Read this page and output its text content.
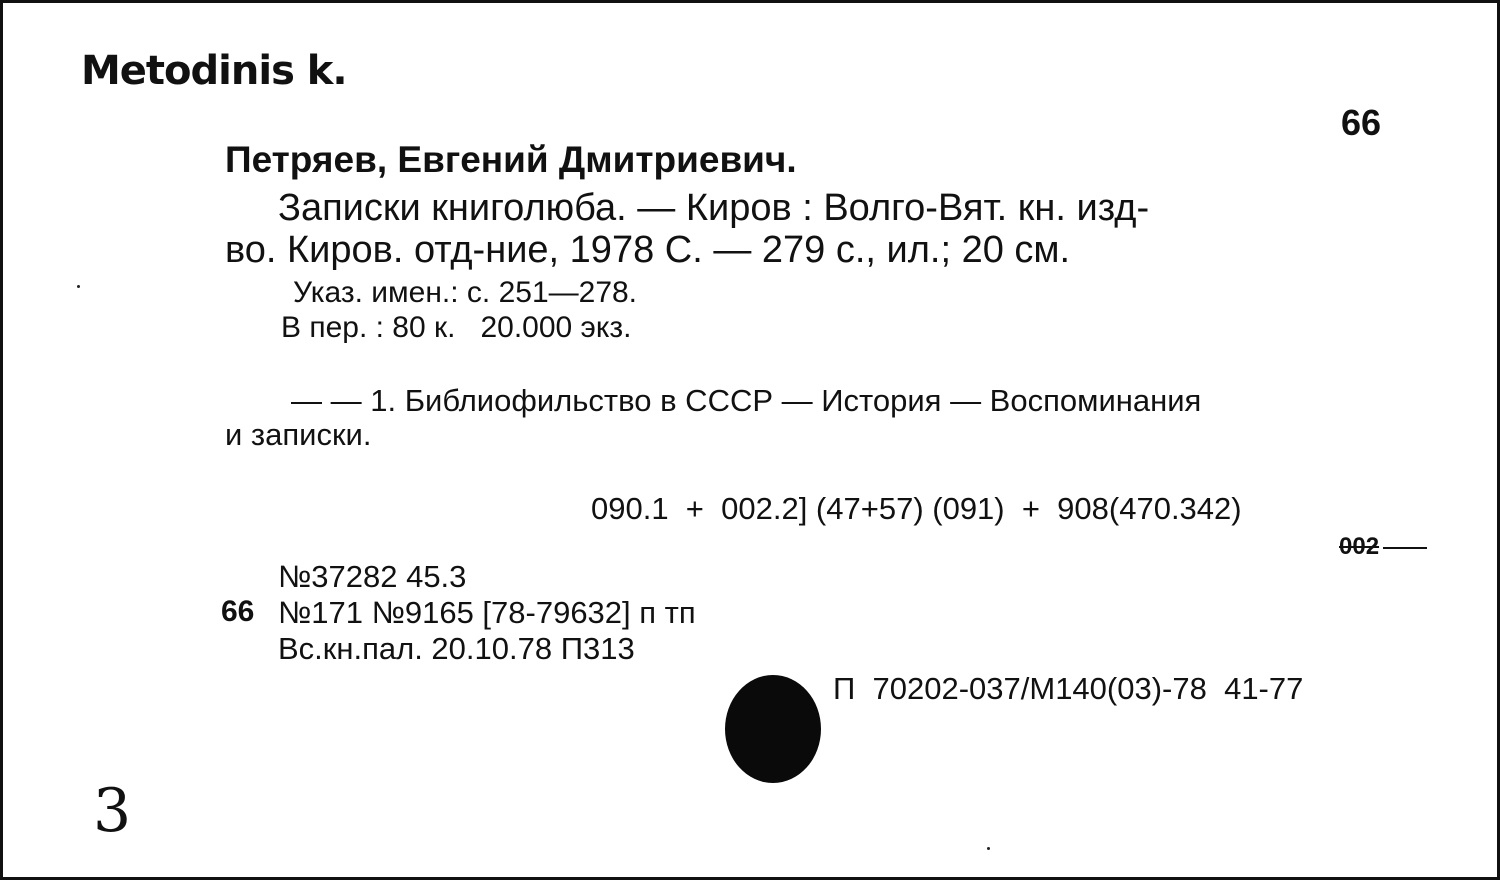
Metodinis k.
66
Петряев, Евгений Дмитриевич.
Записки книголюба. — Киров : Волго-Вят. кн. изд-
во. Киров. отд-ние, 1978 С. — 279 с., ил.; 20 см.
Указ. имен.: с. 251—278.
В пер. : 80 к.   20.000 экз.
— — 1. Библиофильство в СССР — История — Воспоминания
и записки.
090.1  +  002.2] (47+57) (091)  +  908(470.342)
002
№37282 45.3
66 №171 №9165 [78-79632] п тп
Вс.кн.пал. 20.10.78 П313
П  70202-037/М140(03)-78  41-77
3
